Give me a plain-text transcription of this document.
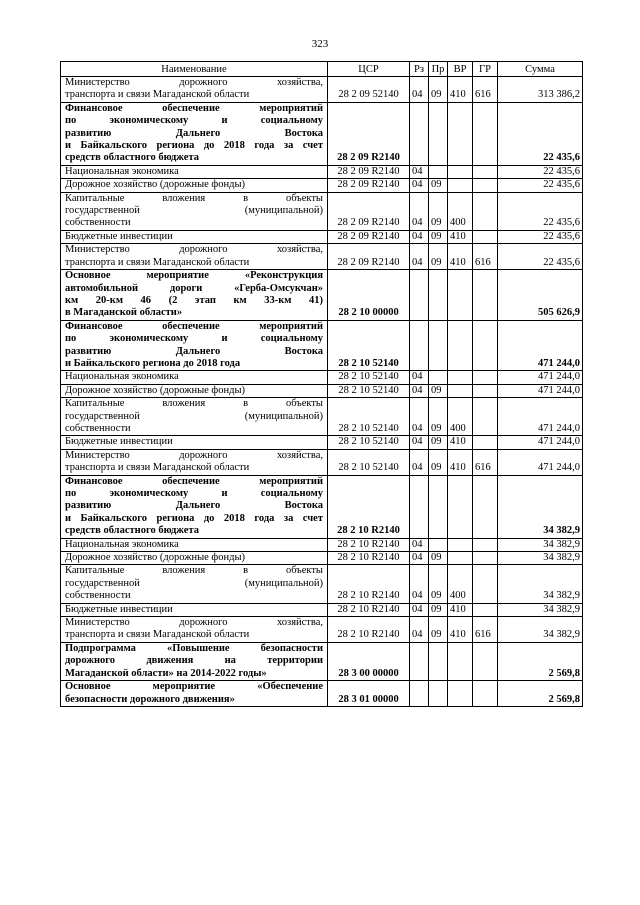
323
Наименование	ЦСР	Рз	Пр	ВР	ГР	Сумма

Министерство дорожного хозяйства,
транспорта и связи Магаданской области	28 2 09 52140	04	09	410	616	313 386,2

Финансовое обеспечение мероприятий
по экономическому и социальному
развитию Дальнего Востока
и Байкальского региона до 2018 года за счет
средств областного бюджета	28 2 09 R2140					22 435,6

Национальная экономика	28 2 09 R2140	04				22 435,6

Дорожное хозяйство (дорожные фонды)	28 2 09 R2140	04	09			22 435,6

Капитальные вложения в объекты
государственной (муниципальной)
собственности	28 2 09 R2140	04	09	400		22 435,6

Бюджетные инвестиции	28 2 09 R2140	04	09	410		22 435,6

Министерство дорожного хозяйства,
транспорта и связи Магаданской области	28 2 09 R2140	04	09	410	616	22 435,6

Основное мероприятие «Реконструкция
автомобильной дороги «Герба-Омсукчан»
км 20-км 46 (2 этап км 33-км 41)
в Магаданской области»	28 2 10 00000					505 626,9

Финансовое обеспечение мероприятий
по экономическому и социальному
развитию Дальнего Востока
и Байкальского региона до 2018 года	28 2 10 52140					471 244,0

Национальная экономика	28 2 10 52140	04				471 244,0

Дорожное хозяйство (дорожные фонды)	28 2 10 52140	04	09			471 244,0

Капитальные вложения в объекты
государственной (муниципальной)
собственности	28 2 10 52140	04	09	400		471 244,0

Бюджетные инвестиции	28 2 10 52140	04	09	410		471 244,0

Министерство дорожного хозяйства,
транспорта и связи Магаданской области	28 2 10 52140	04	09	410	616	471 244,0

Финансовое обеспечение мероприятий
по экономическому и социальному
развитию Дальнего Востока
и Байкальского региона до 2018 года за счет
средств областного бюджета	28 2 10 R2140					34 382,9

Национальная экономика	28 2 10 R2140	04				34 382,9

Дорожное хозяйство (дорожные фонды)	28 2 10 R2140	04	09			34 382,9

Капитальные вложения в объекты
государственной (муниципальной)
собственности	28 2 10 R2140	04	09	400		34 382,9

Бюджетные инвестиции	28 2 10 R2140	04	09	410		34 382,9

Министерство дорожного хозяйства,
транспорта и связи Магаданской области	28 2 10 R2140	04	09	410	616	34 382,9

Подпрограмма «Повышение безопасности
дорожного движения на территории
Магаданской области» на 2014-2022 годы»	28 3 00 00000					2 569,8

Основное мероприятие «Обеспечение
безопасности дорожного движения»	28 3 01 00000					2 569,8
